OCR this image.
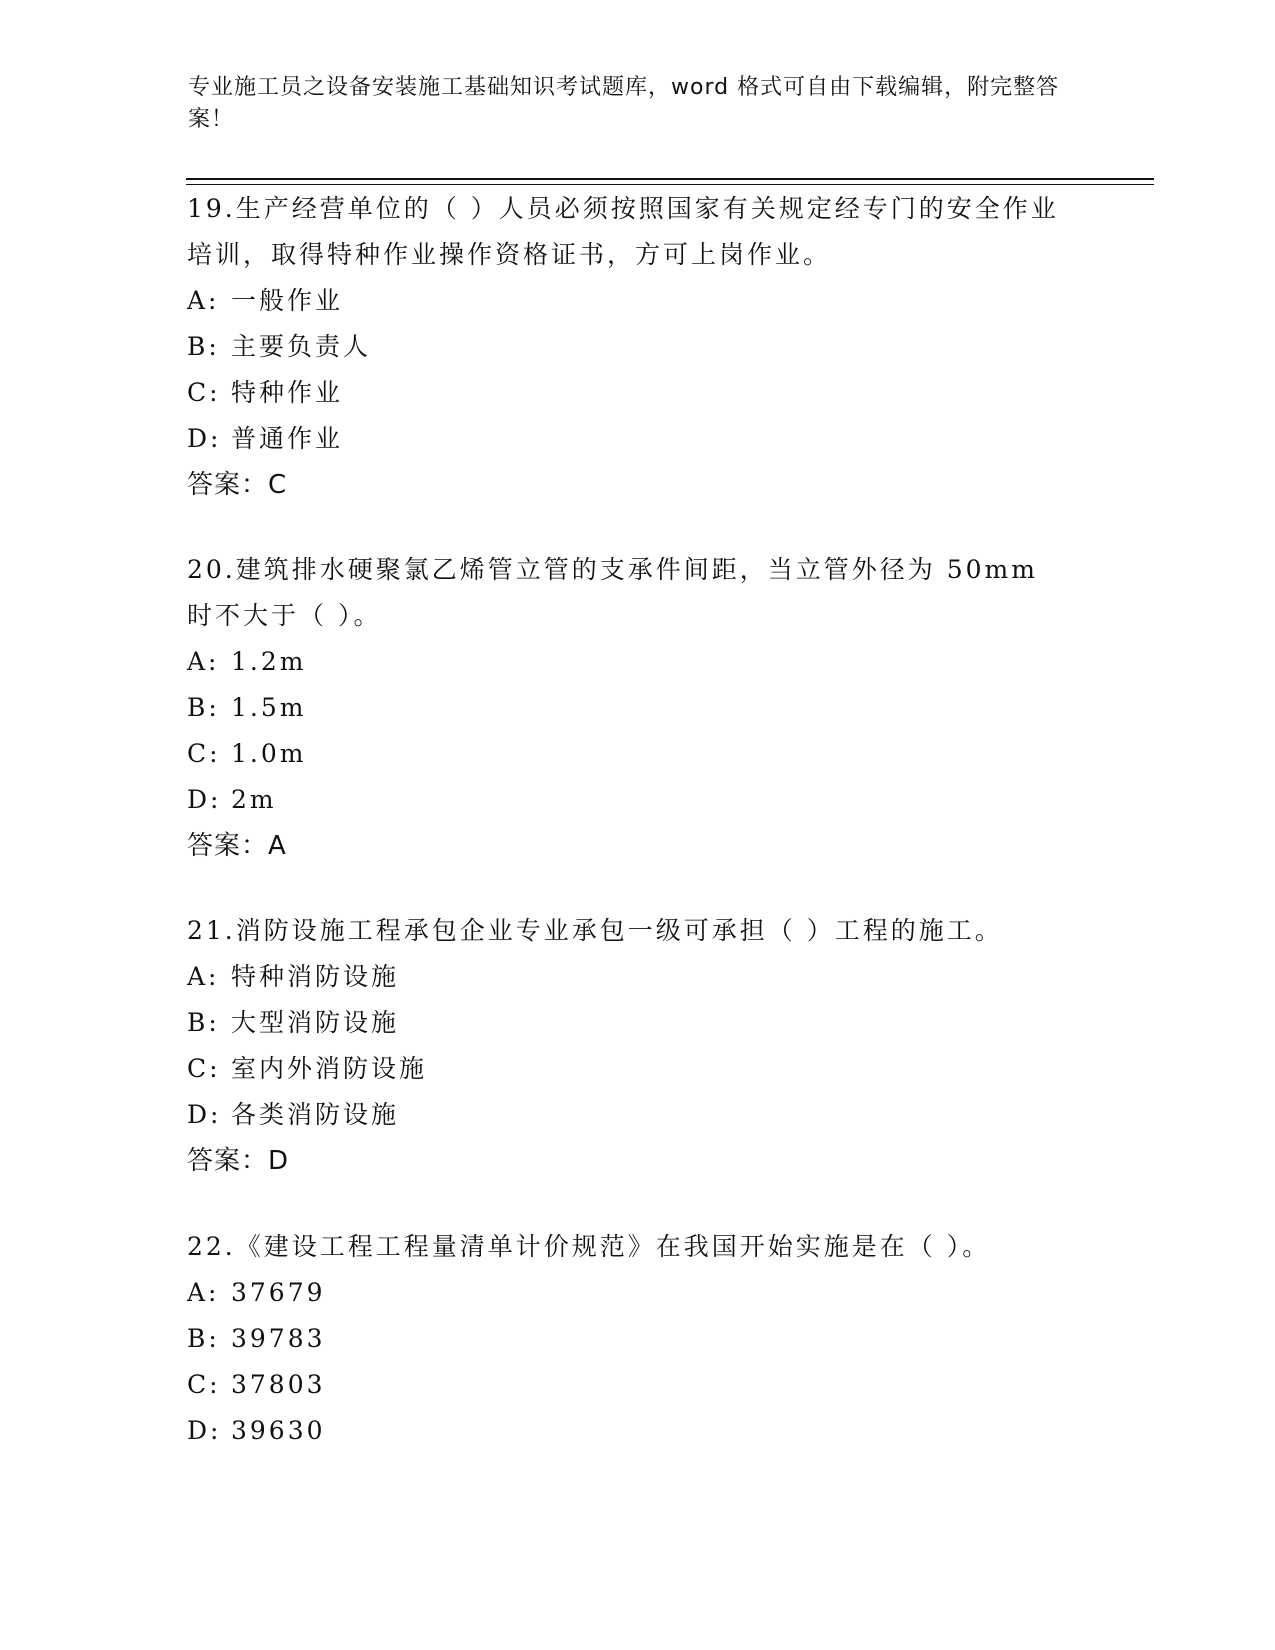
专业施工员之设备安装施工基础知识考试题库，word 格式可自由下载编辑，附完整答案！

19.生产经营单位的（ ）人员必须按照国家有关规定经专门的安全作业培训，取得特种作业操作资格证书，方可上岗作业。

A: 一般作业
B: 主要负责人
C: 特种作业
D: 普通作业
答案：C

20.建筑排水硬聚氯乙烯管立管的支承件间距，当立管外径为 50mm 时不大于（ ）。

A: 1.2m
B: 1.5m
C: 1.0m
D: 2m
答案：A

21.消防设施工程承包企业专业承包一级可承担（ ）工程的施工。

A: 特种消防设施
B: 大型消防设施
C: 室内外消防设施
D: 各类消防设施
答案：D

22.《建设工程工程量清单计价规范》在我国开始实施是在（ ）。

A: 37679
B: 39783
C: 37803
D: 39630
